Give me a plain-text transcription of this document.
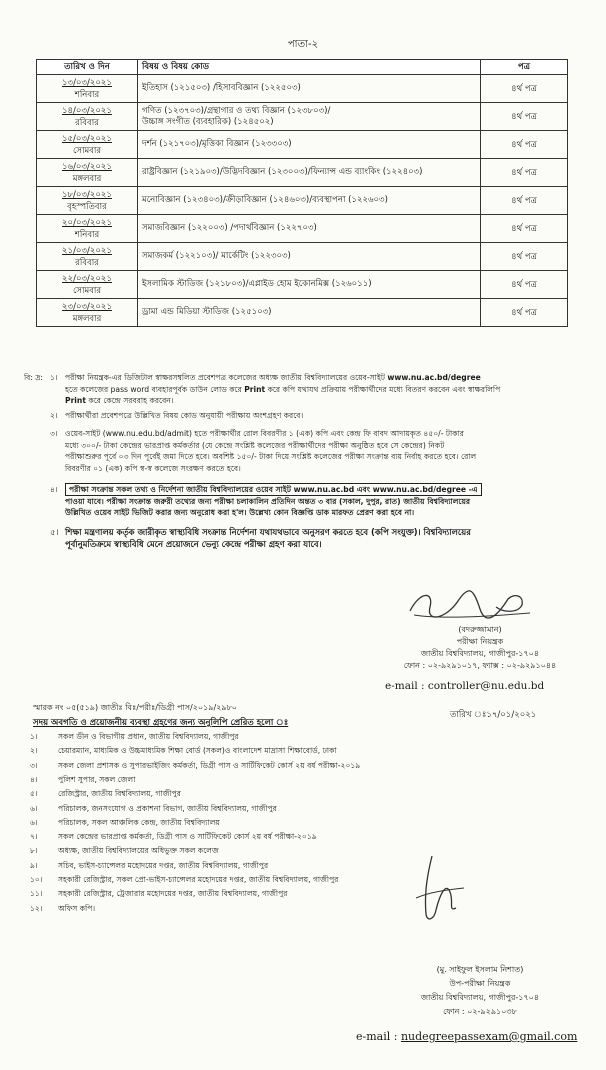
পাতা-২
তারিখ ও দিন	বিষয় ও বিষয় কোড	পত্র

১৩/০৩/২০২১
শনিবার	ইতিহাস (১২১৫০৩) /হিসাববিজ্ঞান (১২২৫০৩)	৪র্থ পত্র

১৪/০৩/২০২১
রবিবার	গণিত (১২৩৭০৩)/গ্রন্থাগার ও তথ্য বিজ্ঞান (১২৩৮০৩)/
উচ্চাঙ্গ সংগীত (ব্যবহারিক) (১২৪৫০২)	৪র্থ পত্র

১৫/০৩/২০২১
সোমবার	দর্শন (১২১৭০৩)/মৃত্তিকা বিজ্ঞান (১২৩৩০৩)	৪র্থ পত্র

১৬/০৩/২০২১
মঙ্গলবার	রাষ্ট্রবিজ্ঞান (১২১৯০৩)/উদ্ভিদবিজ্ঞান (১২৩০০৩)/ফিন্যান্স এন্ড ব্যাংকিং (১২২৪০৩)	৪র্থ পত্র

১৮/০৩/২০২১
বৃহস্পতিবার	মনোবিজ্ঞান (১২৩৪০৩)/ক্রীড়াবিজ্ঞান (১২৪৬০৩)/ব্যবস্থাপনা (১২২৬০৩)	৪র্থ পত্র

২০/০৩/২০২১
শনিবার	সমাজবিজ্ঞান (১২২০০৩) /পদার্থবিজ্ঞান (১২২৭০৩)	৪র্থ পত্র

২১/০৩/২০২১
রবিবার	সমাজকর্ম (১২২১০৩)/ মার্কেটিং (১২২৩০৩)	৪র্থ পত্র

২২/০৩/২০২১
সোমবার	ইসলামিক স্টাডিজ (১২১৮০৩)/এপ্লাইড হোম ইকোনমিক্স (১২৬০১১)	৪র্থ পত্র

২৩/০৩/২০২১
মঙ্গলবার	ড্রামা এন্ড মিডিয়া স্টাডিজ (১২৫১০৩)	৪র্থ পত্র
বি: দ্র: ১। পরীক্ষা নিয়ন্ত্রক-এর ডিজিটাল স্বাক্ষরসম্বলিত প্রবেশপত্র কলেজের অধ্যক্ষ জাতীয় বিশ্ববিদ্যালয়ের ওয়েব-সাইট www.nu.ac.bd/degree
হতে কলেজের pass word ব্যবহারপূর্বক ডাউন লোড করে Print করে কপি যথাযথ প্রক্রিয়ায় পরীক্ষার্থীদের মধ্যে বিতরণ করবেন এবং স্বাক্ষরলিপি
Print করে কেন্দ্রে সরবরাহ করবেন।
২। পরীক্ষার্থীরা প্রবেশপত্রে উল্লিখিত বিষয় কোড অনুযায়ী পরীক্ষায় অংশগ্রহণ করবে।
৩। ওয়েব-সাইট (www.nu.edu.bd/admit) হতে পরীক্ষার্থীর রোল বিবরণীর ১ (এক) কপি এবং কেন্দ্র ফি বাবদ আদায়কৃত ৪৫০/- টাকার
মধ্যে ৩০০/- টাকা কেন্দ্রের ভারপ্রাপ্ত কর্মকর্তার (যে কেন্দ্রে সংশ্লিষ্ট কলেজের পরীক্ষার্থীদের পরীক্ষা অনুষ্ঠিত হবে সে কেন্দ্রের) নিকট
পরীক্ষাশুরুর পূর্বে ০৩ দিন পূর্বেই জমা দিতে হবে। অবশিষ্ট ১৫০/- টাকা দিয়ে সংশ্লিষ্ট কলেজের পরীক্ষা সংক্রান্ত ব্যয় নির্বাহ করতে হবে। রোল
বিবরণীর ০১ (এক) কপি স্ব-স্ব কলেজে সংরক্ষণ করতে হবে।
৪।	পরীক্ষা সংক্রান্ত সকল তথ্য ও নির্দেশনা জাতীয় বিশ্ববিদ্যালয়ের ওয়েব সাইট www.nu.ac.bd এবং www.nu.ac.bd/degree -এ
পাওয়া যাবে। পরীক্ষা সংক্রান্ত জরুরী তথ্যের জন্য পরীক্ষা চলাকালিন প্রতিদিন অন্তত ৩ বার (সকাল, দুপুর, রাত) জাতীয় বিশ্ববিদ্যালয়ের
উল্লিখিত ওয়েব সাইট ভিজিট করার জন্য অনুরোধ করা হ'ল। উল্লেখ্য কোন বিজ্ঞপ্তি ডাক মারফত প্রেরণ করা হবে না।
৫। শিক্ষা মন্ত্রণালয় কর্তৃক জারীকৃত স্বাস্থ্যবিধি সংক্রান্ত নির্দেশনা যথাযথভাবে অনুসরণ করতে হবে (কপি সংযুক্ত)। বিশ্ববিদ্যালয়ের
পূর্বানুমতিক্রমে স্বাস্থ্যবিধি মেনে প্রয়োজনে ভেন্যু কেন্দ্রে পরীক্ষা গ্রহণ করা যাবে।
(বদরুজ্জামান)
পরীক্ষা নিয়ন্ত্রক
জাতীয় বিশ্ববিদ্যালয়, গাজীপুর-১৭০৪
ফোন : ০২-৯২৯১০১৭, ফ্যাক্স : ০২-৯২৯১০৪৪
e-mail : controller@nu.edu.bd
স্মারক নং ০৫(৫১৯) জাতীঃ বিঃ/পরীঃ/ডিগ্রী পাস/২০১৯/২৯৮০
তারিখ ঃ১৭/০১/২০২১
সদয় অবগতি ও প্রয়োজনীয় ব্যবস্থা গ্রহণের জন্য অনুলিপি প্রেরিত হলো ঃ
১।	সকল ডীন ও বিভাগীয় প্রধান, জাতীয় বিশ্ববিদ্যালয়, গাজীপুর
২।	চেয়ারম্যান, মাধ্যমিক ও উচ্চমাধ্যমিক শিক্ষা বোর্ড (সকল)ও বাংলাদেশ মাদ্রাসা শিক্ষাবোর্ড, ঢাকা
৩।	সকল জেলা প্রশাসক ও সুপারভাইজিং কর্মকর্তা, ডিগ্রী পাস ও সার্টিফিকেট কোর্স ২য় বর্ষ পরীক্ষা-২০১৯
৪।	পুলিশ সুপার, সকল জেলা
৫।	রেজিস্ট্রার, জাতীয় বিশ্ববিদ্যালয়, গাজীপুর
৬।	পরিচালক, জনসংযোগ ও প্রকাশনা বিভাগ, জাতীয় বিশ্ববিদ্যালয়, গাজীপুর
৬।	পরিচালক, সকল আঞ্চলিক কেন্দ্র, জাতীয় বিশ্ববিদ্যালয়
৭।	সকল কেন্দ্রের ভারপ্রাপ্ত কর্মকর্তা, ডিগ্রী পাস ও সার্টিফিকেট কোর্স ২য় বর্ষ পরীক্ষা-২০১৯
৮।	অধ্যক্ষ, জাতীয় বিশ্ববিদ্যালয়ের অধিভুক্ত সকল কলেজ
৯।	সচিব, ভাইস-চ্যান্সেলর মহোদয়ের দপ্তর, জাতীয় বিশ্ববিদ্যালয়, গাজীপুর
১০।	সহকারী রেজিস্ট্রার, সকল প্রো-ভাইস-চ্যান্সেলর মহোদয়ের দপ্তর, জাতীয় বিশ্ববিদ্যালয়, গাজীপুর
১১।	সহকারী রেজিস্ট্রার, ট্রেজারার মহোদয়ের দপ্তর, জাতীয় বিশ্ববিদ্যালয়, গাজীপুর
১২।	অফিস কপি।
(মু. সাইফুল ইসলাম নিশাত)
উপ-পরীক্ষা নিয়ন্ত্রক
জাতীয় বিশ্ববিদ্যালয়, গাজীপুর-১৭০৪
ফোন : ০২-৯২৯১০৩৮
e-mail : nudegreepassexam@gmail.com
